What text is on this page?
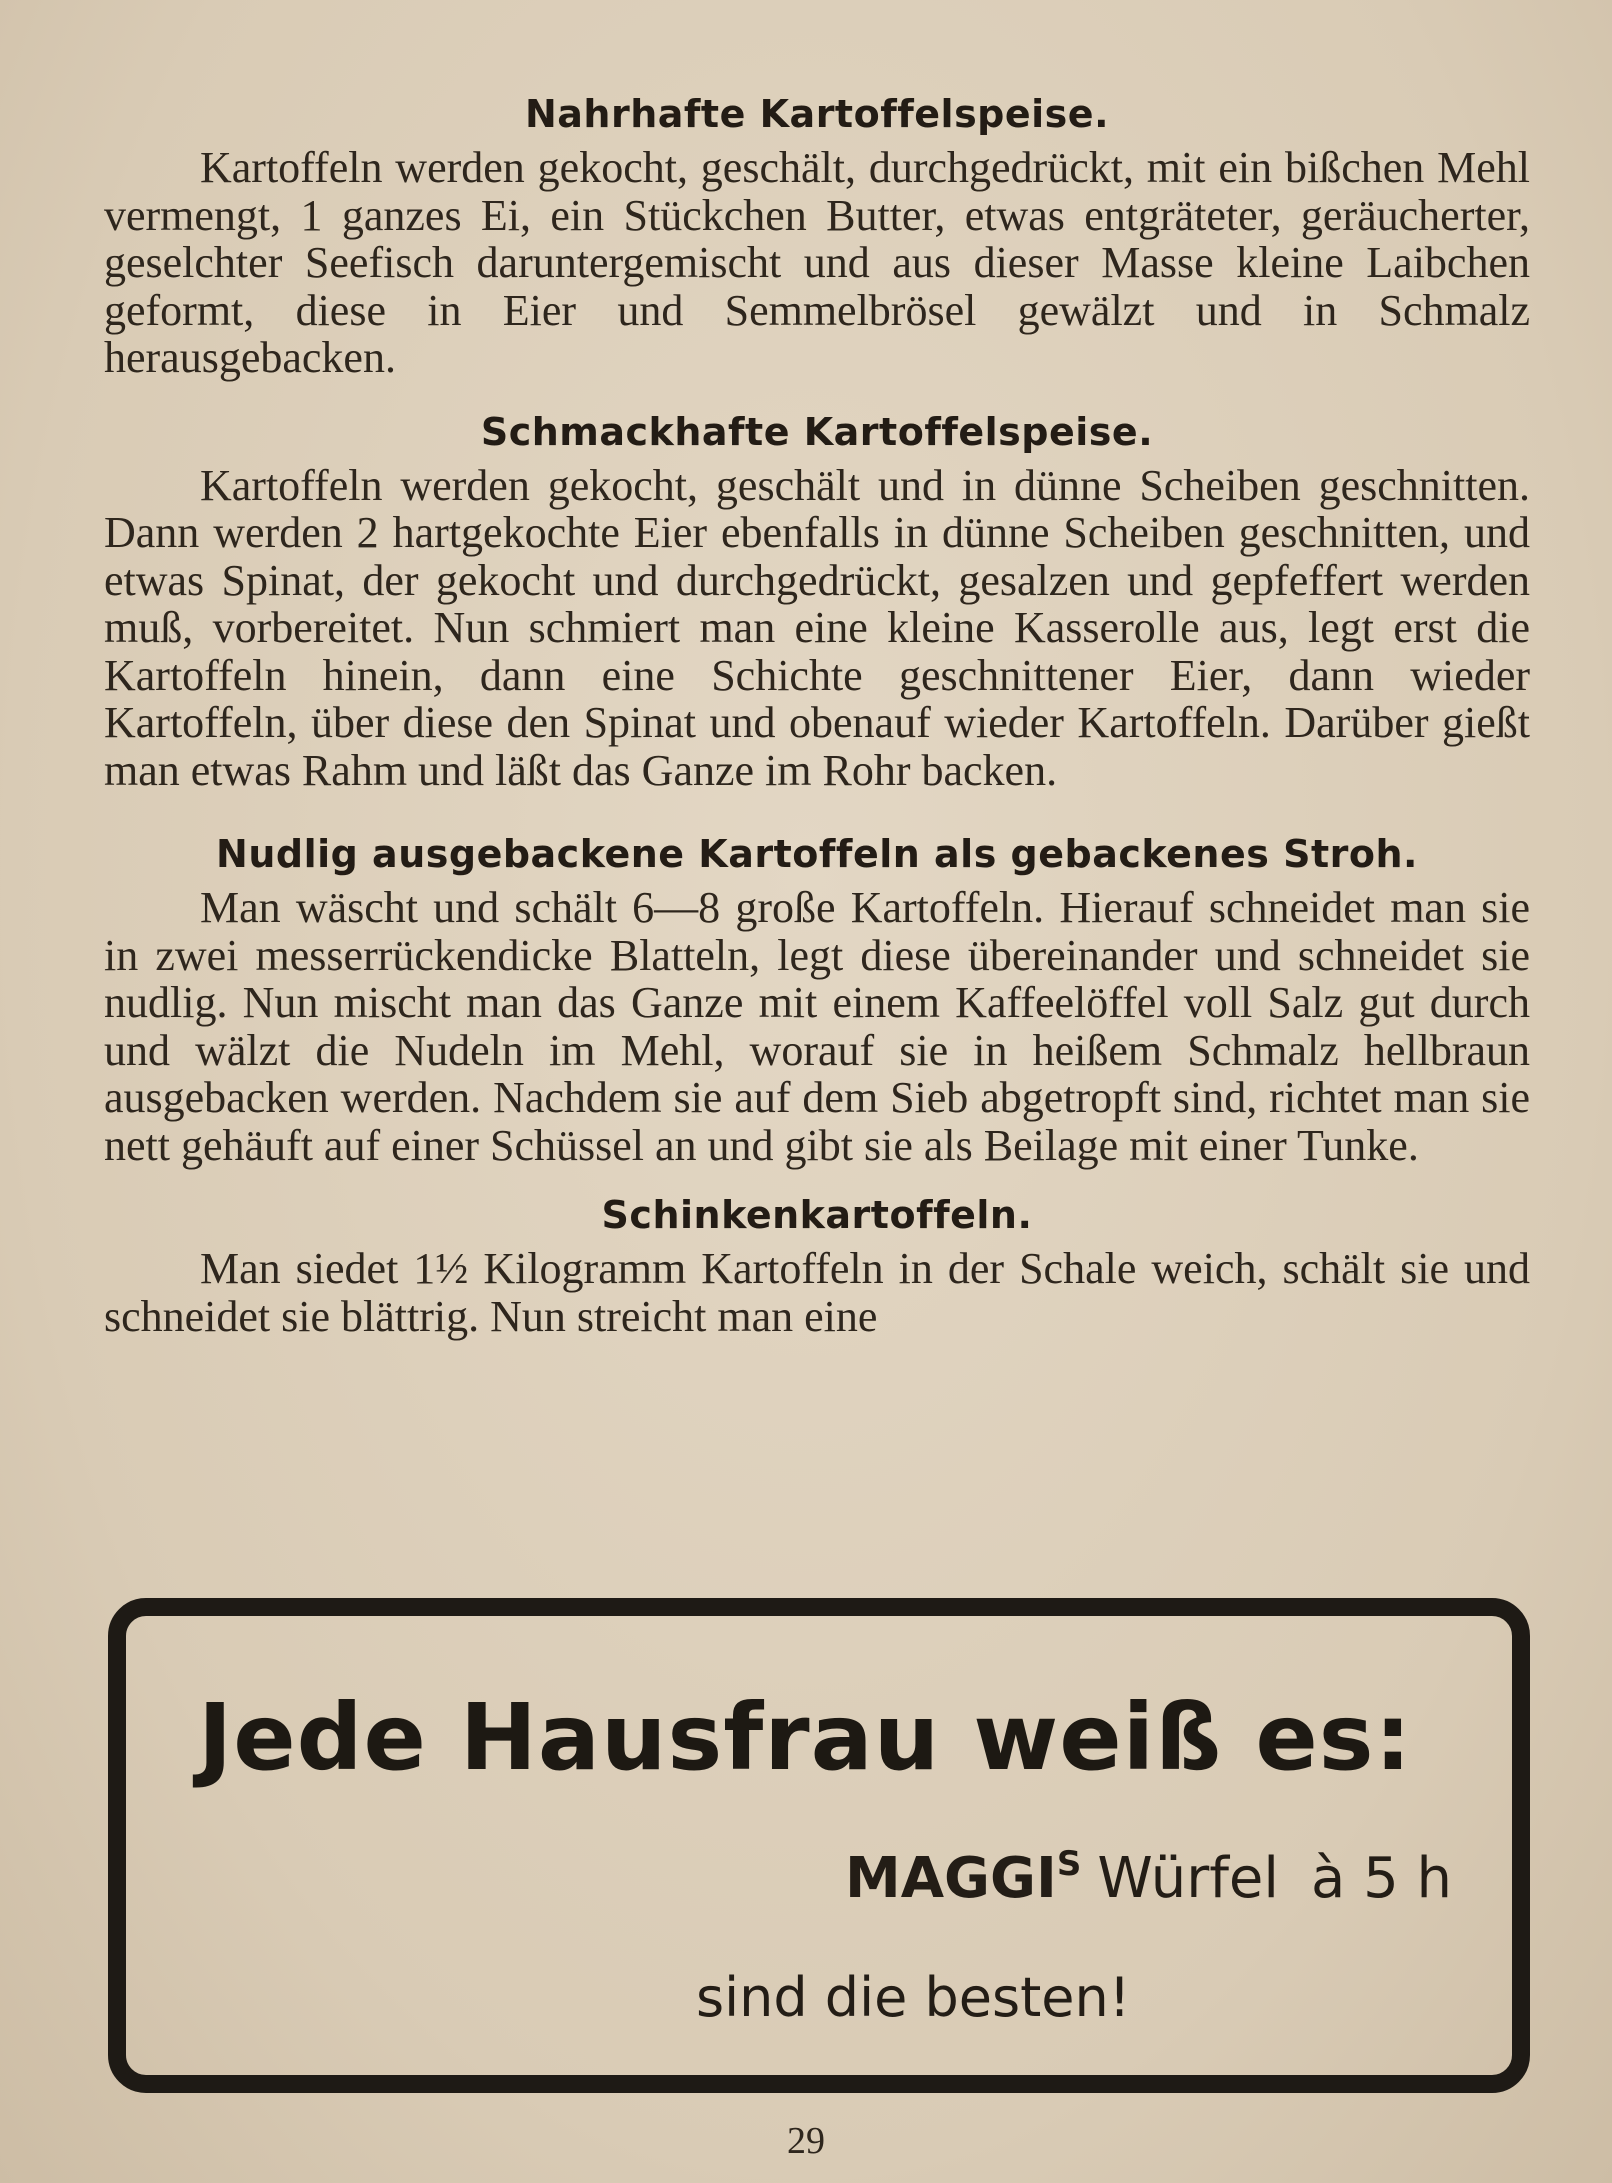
Nahrhafte Kartoffelspeise.

Kartoffeln werden gekocht, geschält, durchgedrückt, mit ein bißchen Mehl vermengt, 1 ganzes Ei, ein Stückchen Butter, etwas entgräteter, geräucherter, geselchter Seefisch daruntergemischt und aus dieser Masse kleine Laibchen geformt, diese in Eier und Semmelbrösel gewälzt und in Schmalz herausgebacken.

Schmackhafte Kartoffelspeise.

Kartoffeln werden gekocht, geschält und in dünne Scheiben geschnitten. Dann werden 2 hartgekochte Eier ebenfalls in dünne Scheiben geschnitten, und etwas Spinat, der gekocht und durchgedrückt, gesalzen und gepfeffert werden muß, vorbereitet. Nun schmiert man eine kleine Kasserolle aus, legt erst die Kartoffeln hinein, dann eine Schichte geschnittener Eier, dann wieder Kartoffeln, über diese den Spinat und obenauf wieder Kartoffeln. Darüber gießt man etwas Rahm und läßt das Ganze im Rohr backen.

Nudlig ausgebackene Kartoffeln als gebackenes Stroh.

Man wäscht und schält 6—8 große Kartoffeln. Hierauf schneidet man sie in zwei messerrückendicke Blatteln, legt diese übereinander und schneidet sie nudlig. Nun mischt man das Ganze mit einem Kaffeelöffel voll Salz gut durch und wälzt die Nudeln im Mehl, worauf sie in heißem Schmalz hellbraun ausgebacken werden. Nachdem sie auf dem Sieb abgetropft sind, richtet man sie nett gehäuft auf einer Schüssel an und gibt sie als Beilage mit einer Tunke.

Schinkenkartoffeln.

Man siedet 1½ Kilogramm Kartoffeln in der Schale weich, schält sie und schneidet sie blättrig. Nun streicht man eine

Jede Hausfrau weiß es:
$MAGGI^S$ Würfel à 5 h
sind die besten!
29
